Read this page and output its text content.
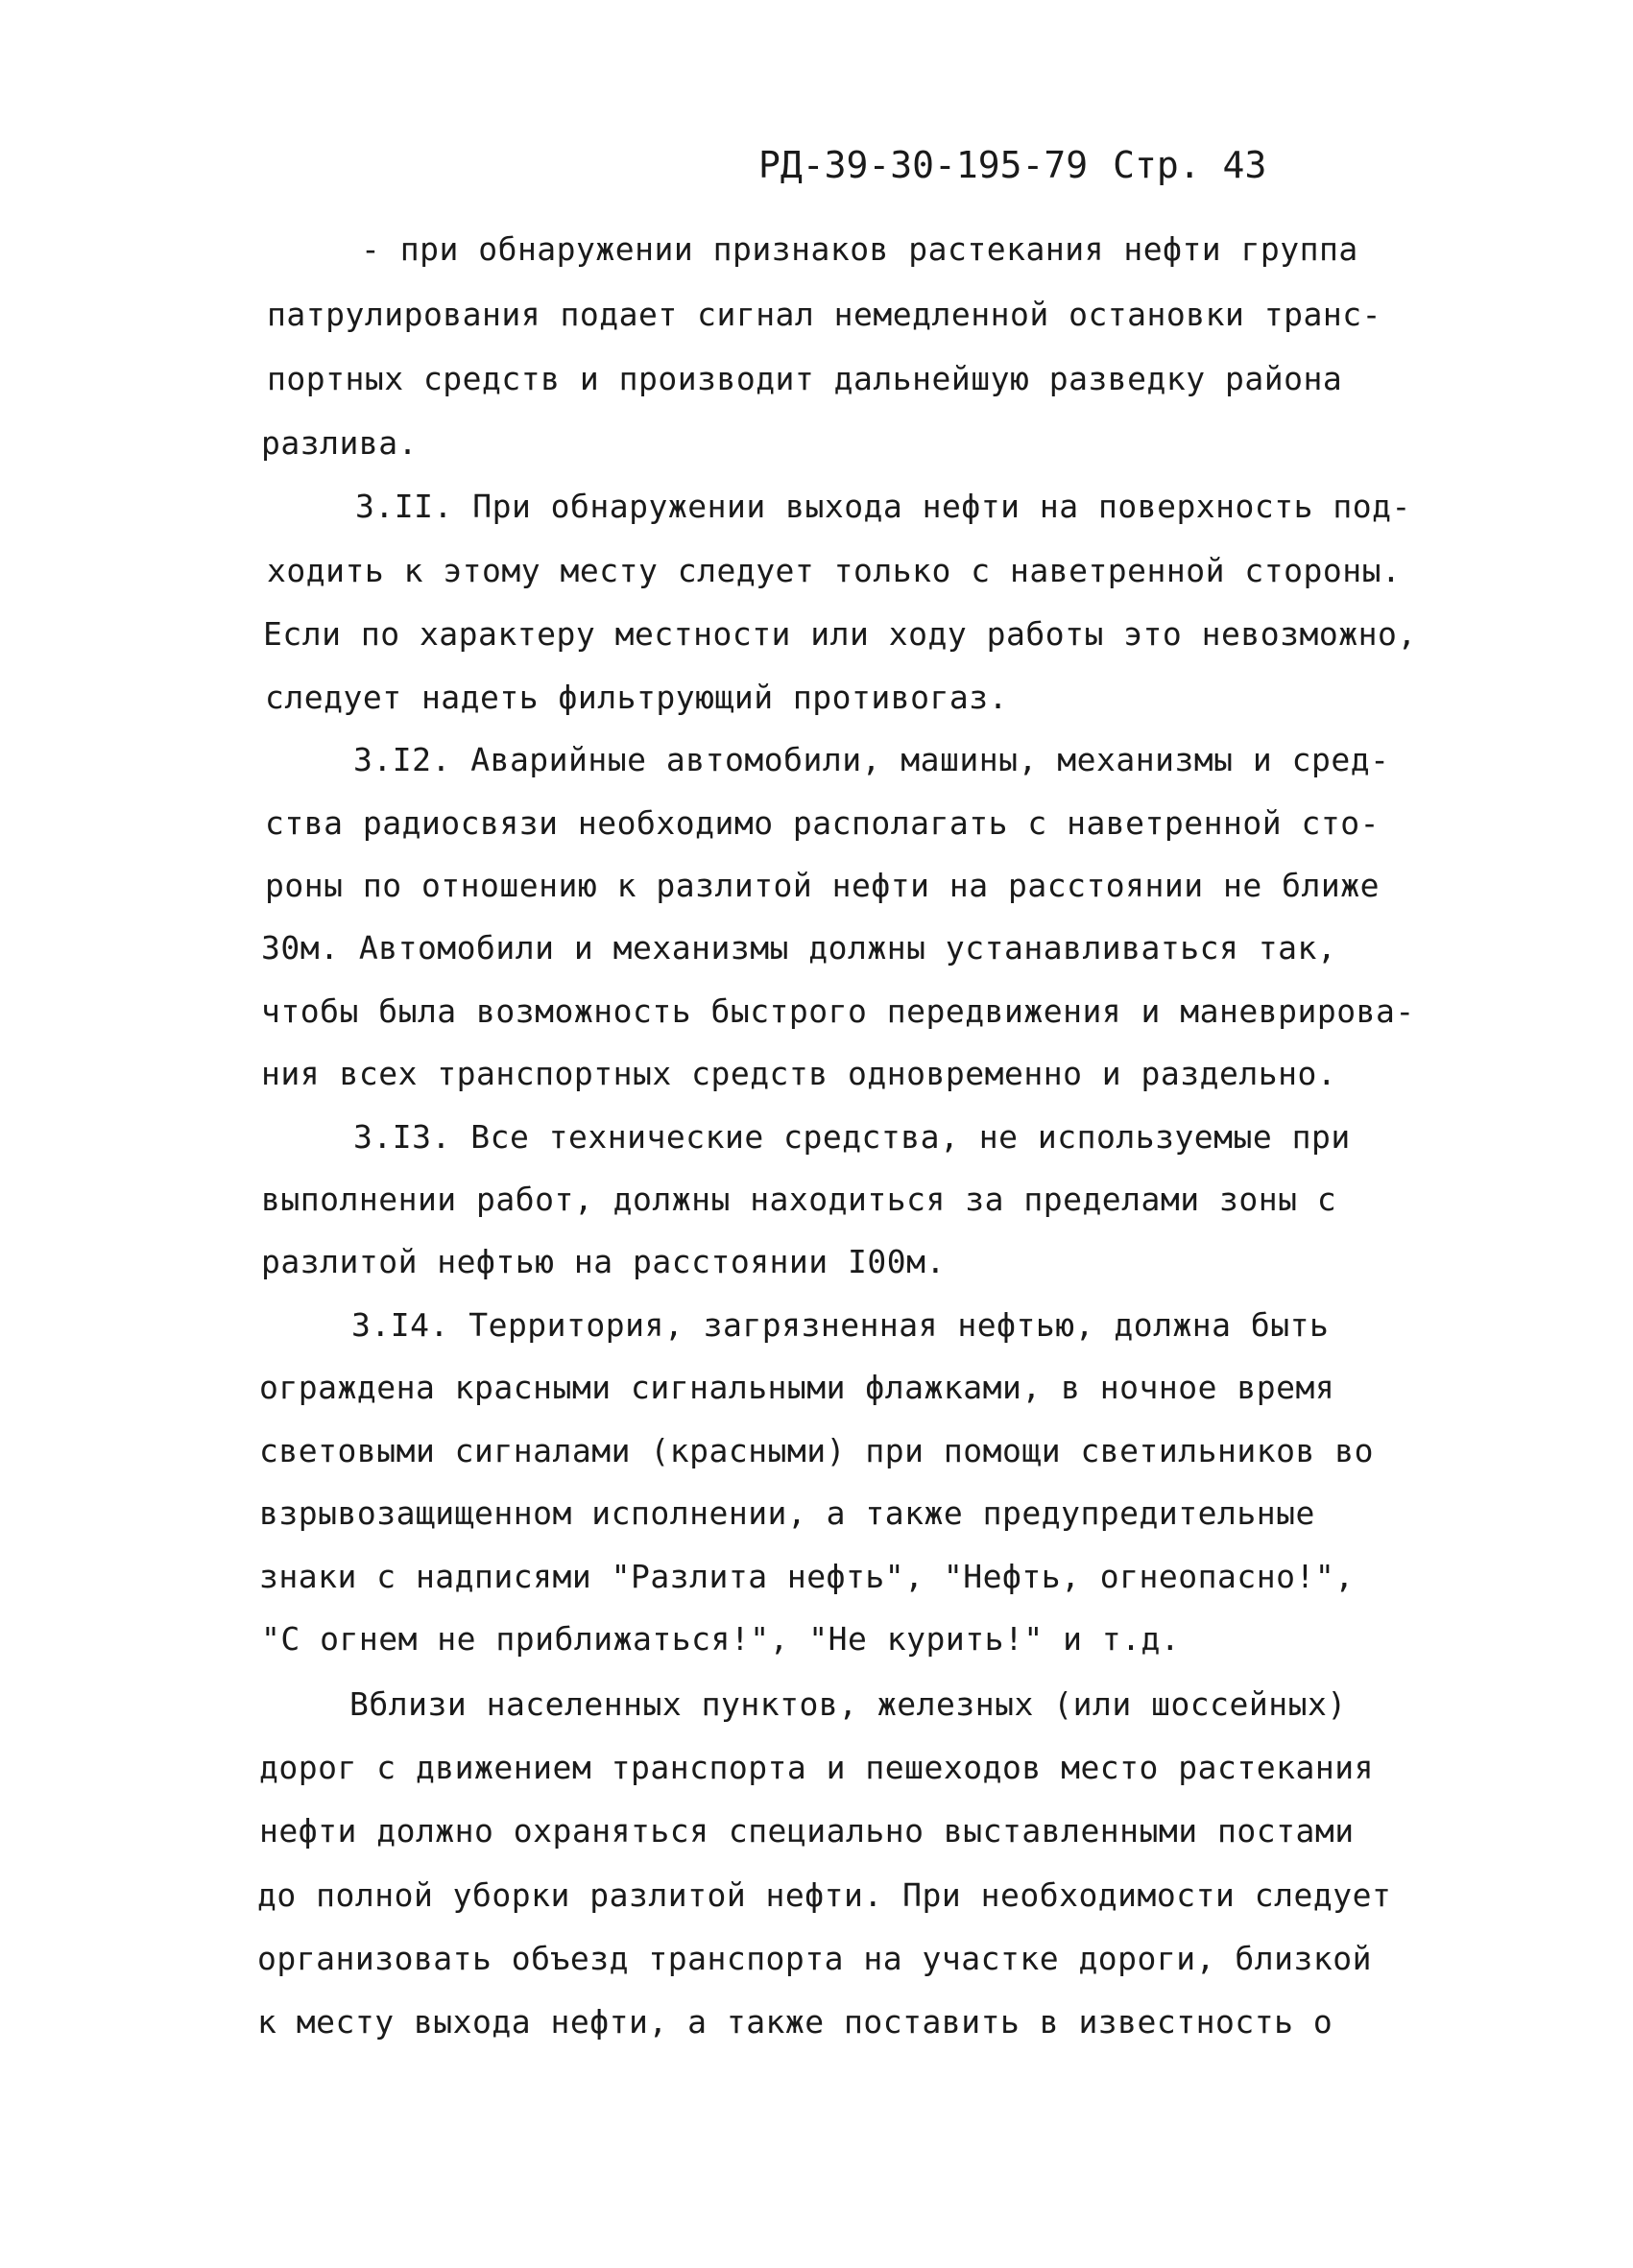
РД-39-30-195-79 Стр. 43
- при обнаружении признаков растекания нефти группа
патрулирования подает сигнал немедленной остановки транс-
портных средств и производит дальнейшую разведку района
разлива.
3.II. При обнаружении выхода нефти на поверхность под-
ходить к этому месту следует только с наветренной стороны.
Если по характеру местности или ходу работы это невозможно,
следует надеть фильтрующий противогаз.
3.I2. Аварийные автомобили, машины, механизмы и сред-
ства радиосвязи необходимо располагать с наветренной сто-
роны по отношению к разлитой нефти на расстоянии не ближе
30м. Автомобили и механизмы должны устанавливаться так,
чтобы была возможность быстрого передвижения и маневрирова-
ния всех транспортных средств одновременно и раздельно.
3.I3. Все технические средства, не используемые при
выполнении работ, должны находиться за пределами зоны с
разлитой нефтью на расстоянии I00м.
3.I4. Территория, загрязненная нефтью, должна быть
ограждена красными сигнальными флажками, в ночное время
световыми сигналами (красными) при помощи светильников во
взрывозащищенном исполнении, а также предупредительные
знаки с надписями "Разлита нефть", "Нефть, огнеопасно!",
"С огнем не приближаться!", "Не курить!" и т.д.
Вблизи населенных пунктов, железных (или шоссейных)
дорог с движением транспорта и пешеходов место растекания
нефти должно охраняться специально выставленными постами
до полной уборки разлитой нефти. При необходимости следует
организовать объезд транспорта на участке дороги, близкой
к месту выхода нефти, а также поставить в известность о
